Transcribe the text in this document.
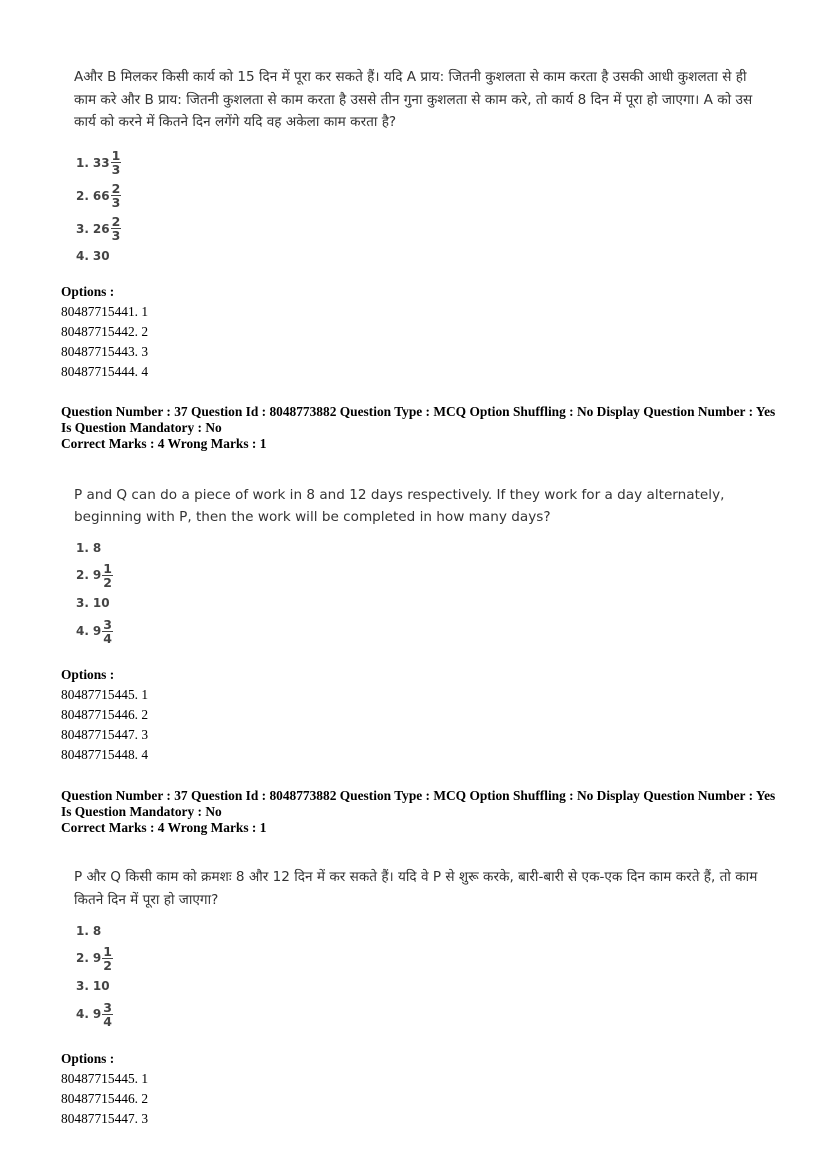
Aऔर B मिलकर किसी कार्य को 15 दिन में पूरा कर सकते हैं। यदि A प्राय: जितनी कुशलता से काम करता है उसकी आधी कुशलता से ही काम करे और B प्राय: जितनी कुशलता से काम करता है उससे तीन गुना कुशलता से काम करे, तो कार्य 8 दिन में पूरा हो जाएगा। A को उस कार्य को करने में कितने दिन लगेंगे यदि वह अकेला काम करता है?
1. $33 \frac{1}{3}$
2. $66 \frac{2}{3}$
3. $26 \frac{2}{3}$
4. 30
Options :
80487715441. 1
80487715442. 2
80487715443. 3
80487715444. 4
Question Number : 37 Question Id : 8048773882 Question Type : MCQ Option Shuffling : No Display Question Number : Yes
Is Question Mandatory : No
Correct Marks : 4 Wrong Marks : 1
P and Q can do a piece of work in 8 and 12 days respectively. If they work for a day alternately, beginning with P, then the work will be completed in how many days?
1. 8
2. $9 \frac{1}{2}$
3. 10
4. $9 \frac{3}{4}$
Options :
80487715445. 1
80487715446. 2
80487715447. 3
80487715448. 4
Question Number : 37 Question Id : 8048773882 Question Type : MCQ Option Shuffling : No Display Question Number : Yes
Is Question Mandatory : No
Correct Marks : 4 Wrong Marks : 1
P और Q किसी काम को क्रमशः 8 और 12 दिन में कर सकते हैं। यदि वे P से शुरू करके, बारी-बारी से एक-एक दिन काम करते हैं, तो काम कितने दिन में पूरा हो जाएगा?
1. 8
2. $9 \frac{1}{2}$
3. 10
4. $9 \frac{3}{4}$
Options :
80487715445. 1
80487715446. 2
80487715447. 3
